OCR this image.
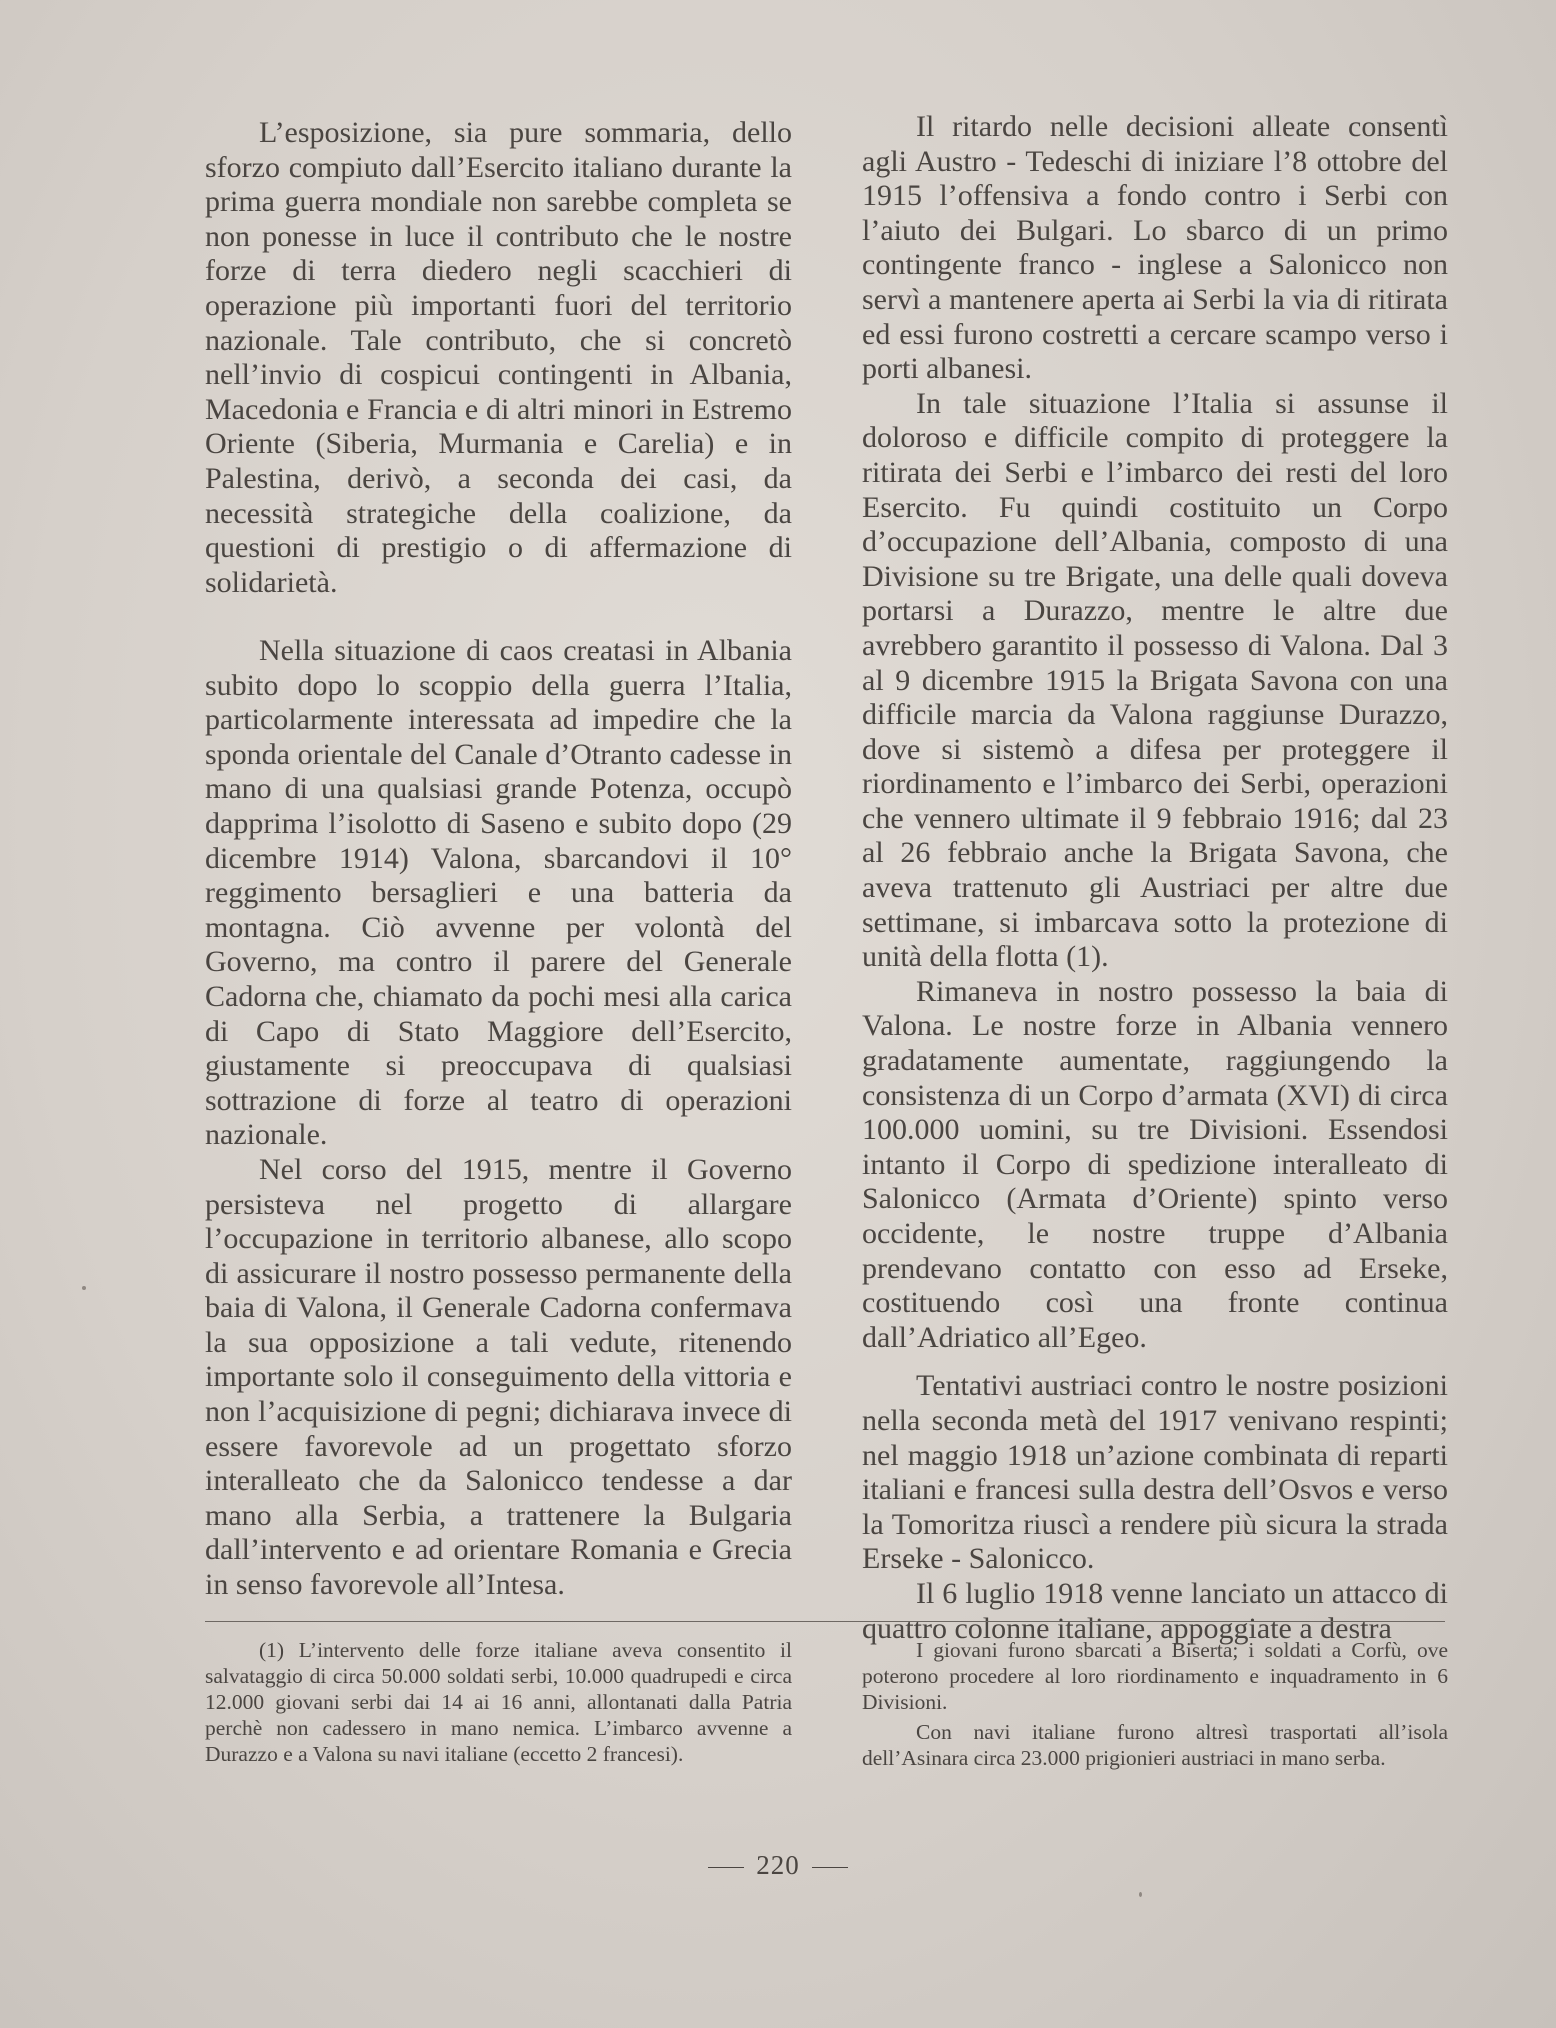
L’esposizione, sia pure sommaria, dello sforzo compiuto dall’Esercito italiano durante la prima guerra mondiale non sarebbe completa se non ponesse in luce il contributo che le nostre forze di terra diedero negli scacchieri di operazione più importanti fuori del territorio nazionale. Tale contributo, che si concretò nell’invio di cospicui contingenti in Albania, Macedonia e Francia e di altri minori in Estremo Oriente (Siberia, Murmania e Carelia) e in Palestina, derivò, a seconda dei casi, da necessità strategiche della coalizione, da questioni di prestigio o di affermazione di solidarietà.

Nella situazione di caos creatasi in Albania subito dopo lo scoppio della guerra l’Italia, particolarmente interessata ad impedire che la sponda orientale del Canale d’Otranto cadesse in mano di una qualsiasi grande Potenza, occupò dapprima l’isolotto di Saseno e subito dopo (29 dicembre 1914) Valona, sbarcandovi il 10° reggimento bersaglieri e una batteria da montagna. Ciò avvenne per volontà del Governo, ma contro il parere del Generale Cadorna che, chiamato da pochi mesi alla carica di Capo di Stato Maggiore dell’Esercito, giustamente si preoccupava di qualsiasi sottrazione di forze al teatro di operazioni nazionale.

Nel corso del 1915, mentre il Governo persisteva nel progetto di allargare l’occupazione in territorio albanese, allo scopo di assicurare il nostro possesso permanente della baia di Valona, il Generale Cadorna confermava la sua opposizione a tali vedute, ritenendo importante solo il conseguimento della vittoria e non l’acquisizione di pegni; dichiarava invece di essere favorevole ad un progettato sforzo interalleato che da Salonicco tendesse a dar mano alla Serbia, a trattenere la Bulgaria dall’intervento e ad orientare Romania e Grecia in senso favorevole all’Intesa.

Il ritardo nelle decisioni alleate consentì agli Austro - Tedeschi di iniziare l’8 ottobre del 1915 l’offensiva a fondo contro i Serbi con l’aiuto dei Bulgari. Lo sbarco di un primo contingente franco - inglese a Salonicco non servì a mantenere aperta ai Serbi la via di ritirata ed essi furono costretti a cercare scampo verso i porti albanesi.

In tale situazione l’Italia si assunse il doloroso e difficile compito di proteggere la ritirata dei Serbi e l’imbarco dei resti del loro Esercito. Fu quindi costituito un Corpo d’occupazione dell’Albania, composto di una Divisione su tre Brigate, una delle quali doveva portarsi a Durazzo, mentre le altre due avrebbero garantito il possesso di Valona. Dal 3 al 9 dicembre 1915 la Brigata Savona con una difficile marcia da Valona raggiunse Durazzo, dove si sistemò a difesa per proteggere il riordinamento e l’imbarco dei Serbi, operazioni che vennero ultimate il 9 febbraio 1916; dal 23 al 26 febbraio anche la Brigata Savona, che aveva trattenuto gli Austriaci per altre due settimane, si imbarcava sotto la protezione di unità della flotta (1).

Rimaneva in nostro possesso la baia di Valona. Le nostre forze in Albania vennero gradatamente aumentate, raggiungendo la consistenza di un Corpo d’armata (XVI) di circa 100.000 uomini, su tre Divisioni. Essendosi intanto il Corpo di spedizione interalleato di Salonicco (Armata d’Oriente) spinto verso occidente, le nostre truppe d’Albania prendevano contatto con esso ad Erseke, costituendo così una fronte continua dall’Adriatico all’Egeo.

Tentativi austriaci contro le nostre posizioni nella seconda metà del 1917 venivano respinti; nel maggio 1918 un’azione combinata di reparti italiani e francesi sulla destra dell’Osvos e verso la Tomoritza riuscì a rendere più sicura la strada Erseke - Salonicco.

Il 6 luglio 1918 venne lanciato un attacco di quattro colonne italiane, appoggiate a destra

(1) L’intervento delle forze italiane aveva consentito il salvataggio di circa 50.000 soldati serbi, 10.000 quadrupedi e circa 12.000 giovani serbi dai 14 ai 16 anni, allontanati dalla Patria perchè non cadessero in mano nemica. L’imbarco avvenne a Durazzo e a Valona su navi italiane (eccetto 2 francesi).

I giovani furono sbarcati a Biserta; i soldati a Corfù, ove poterono procedere al loro riordinamento e inquadramento in 6 Divisioni.

Con navi italiane furono altresì trasportati all’isola dell’Asinara circa 23.000 prigionieri austriaci in mano serba.

220
